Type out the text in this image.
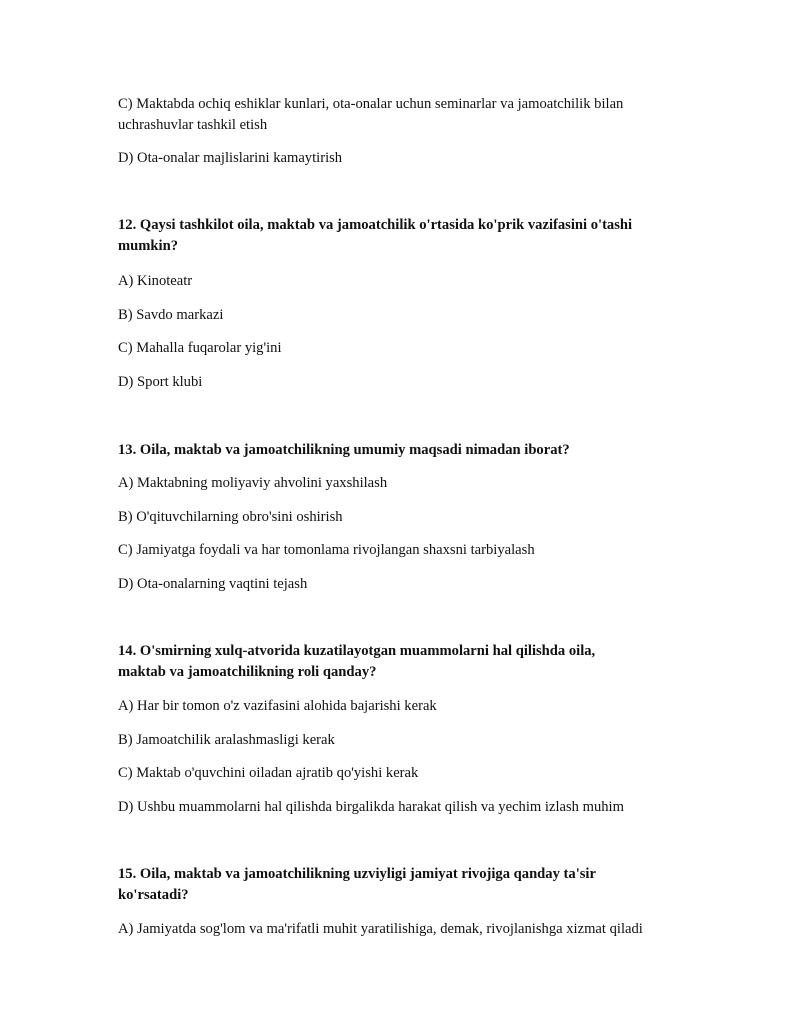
C) Maktabda ochiq eshiklar kunlari, ota-onalar uchun seminarlar va jamoatchilik bilan
uchrashuvlar tashkil etish
D) Ota-onalar majlislarini kamaytirish
12. Qaysi tashkilot oila, maktab va jamoatchilik o'rtasida ko'prik vazifasini o'tashi
mumkin?
A) Kinoteatr
B) Savdo markazi
C) Mahalla fuqarolar yig'ini
D) Sport klubi
13. Oila, maktab va jamoatchilikning umumiy maqsadi nimadan iborat?
A) Maktabning moliyaviy ahvolini yaxshilash
B) O'qituvchilarning obro'sini oshirish
C) Jamiyatga foydali va har tomonlama rivojlangan shaxsni tarbiyalash
D) Ota-onalarning vaqtini tejash
14. O'smirning xulq-atvorida kuzatilayotgan muammolarni hal qilishda oila,
maktab va jamoatchilikning roli qanday?
A) Har bir tomon o'z vazifasini alohida bajarishi kerak
B) Jamoatchilik aralashmasligi kerak
C) Maktab o'quvchini oiladan ajratib qo'yishi kerak
D) Ushbu muammolarni hal qilishda birgalikda harakat qilish va yechim izlash muhim
15. Oila, maktab va jamoatchilikning uzviyligi jamiyat rivojiga qanday ta'sir
ko'rsatadi?
A) Jamiyatda sog'lom va ma'rifatli muhit yaratilishiga, demak, rivojlanishga xizmat qiladi
